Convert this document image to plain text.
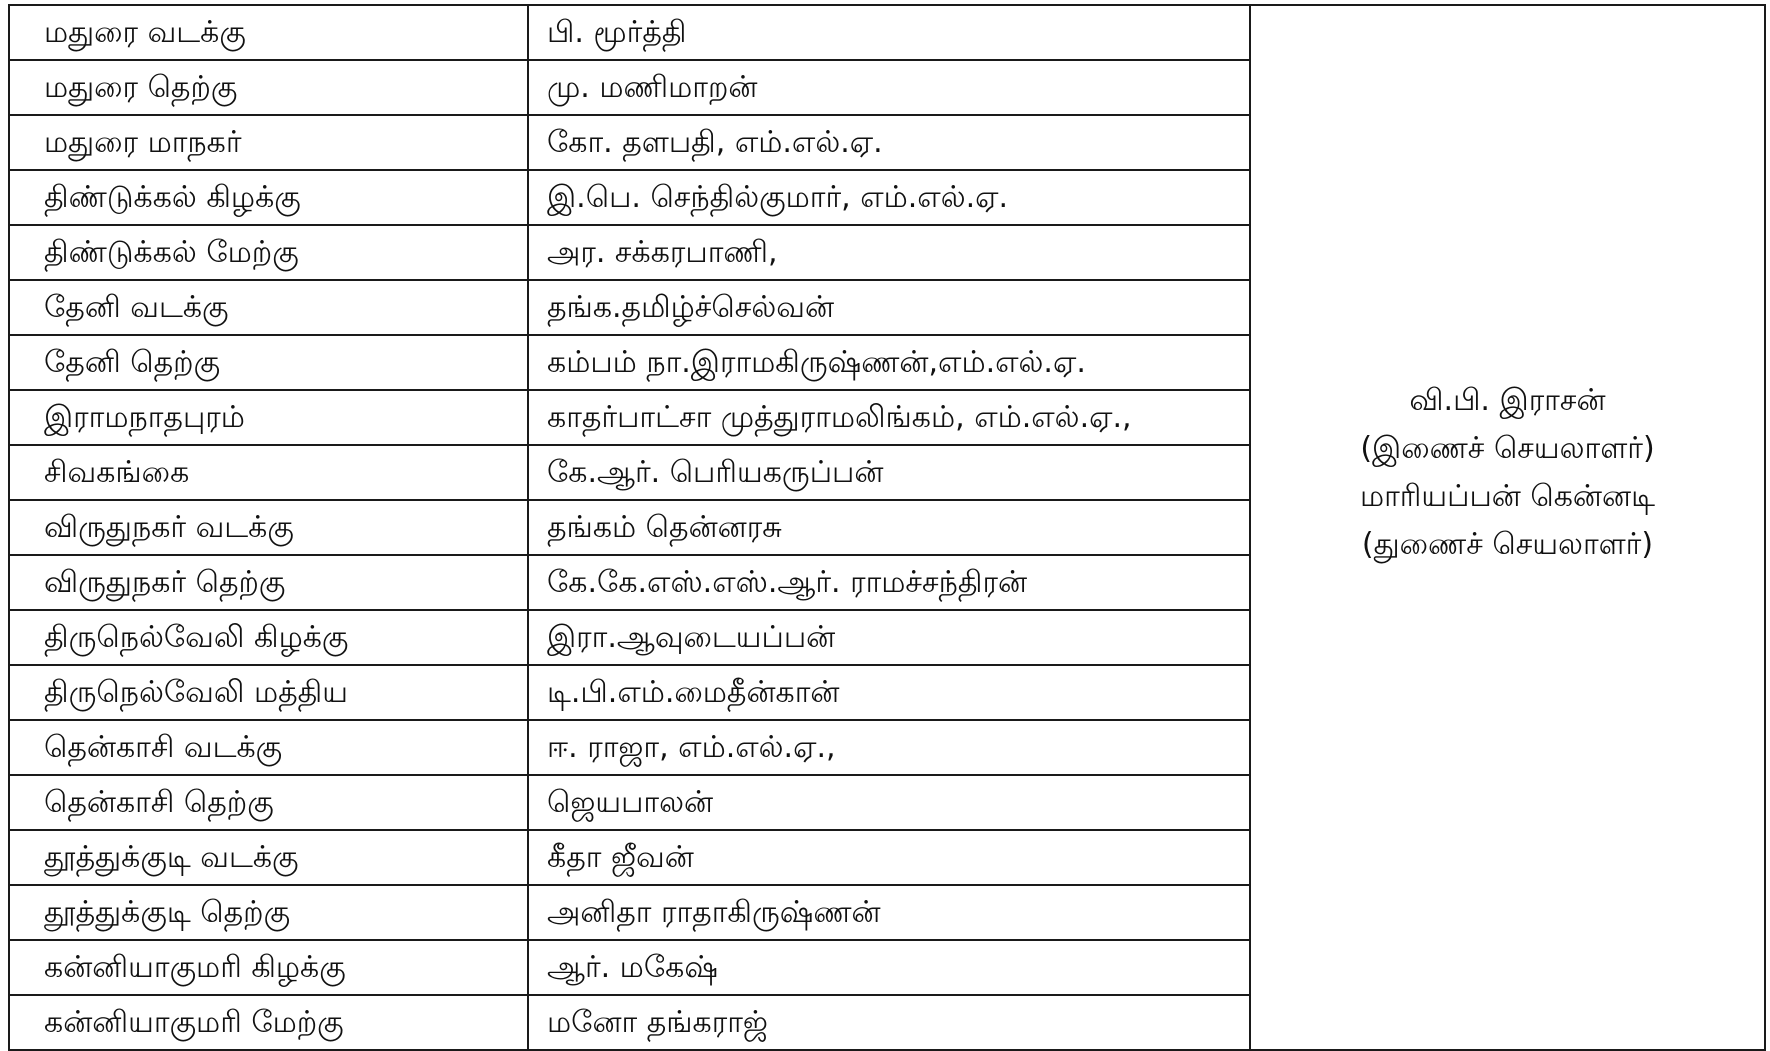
மதுரை வடக்கு	பி. மூர்த்தி	வி.பி. இராசன்
(இணைச் செயலாளர்)
மாரியப்பன் கென்னடி
(துணைச் செயலாளர்)

மதுரை தெற்கு	மு. மணிமாறன்	
மதுரை மாநகர்	கோ. தளபதி, எம்.எல்.ஏ.	
திண்டுக்கல் கிழக்கு	இ.பெ. செந்தில்குமார், எம்.எல்.ஏ.	
திண்டுக்கல் மேற்கு	அர. சக்கரபாணி,	
தேனி வடக்கு	தங்க.தமிழ்ச்செல்வன்	
தேனி தெற்கு	கம்பம் நா.இராமகிருஷ்ணன்,எம்.எல்.ஏ.	
இராமநாதபுரம்	காதர்பாட்சா முத்துராமலிங்கம், எம்.எல்.ஏ.,	
சிவகங்கை	கே.ஆர். பெரியகருப்பன்	
விருதுநகர் வடக்கு	தங்கம் தென்னரசு	
விருதுநகர் தெற்கு	கே.கே.எஸ்.எஸ்.ஆர். ராமச்சந்திரன்	
திருநெல்வேலி கிழக்கு	இரா.ஆவுடையப்பன்	
திருநெல்வேலி மத்திய	டி.பி.எம்.மைதீன்கான்	
தென்காசி வடக்கு	ஈ. ராஜா, எம்.எல்.ஏ.,	
தென்காசி தெற்கு	ஜெயபாலன்	
தூத்துக்குடி வடக்கு	கீதா ஜீவன்	
தூத்துக்குடி தெற்கு	அனிதா ராதாகிருஷ்ணன்	
கன்னியாகுமரி கிழக்கு	ஆர். மகேஷ்	
கன்னியாகுமரி மேற்கு	மனோ தங்கராஜ்	
